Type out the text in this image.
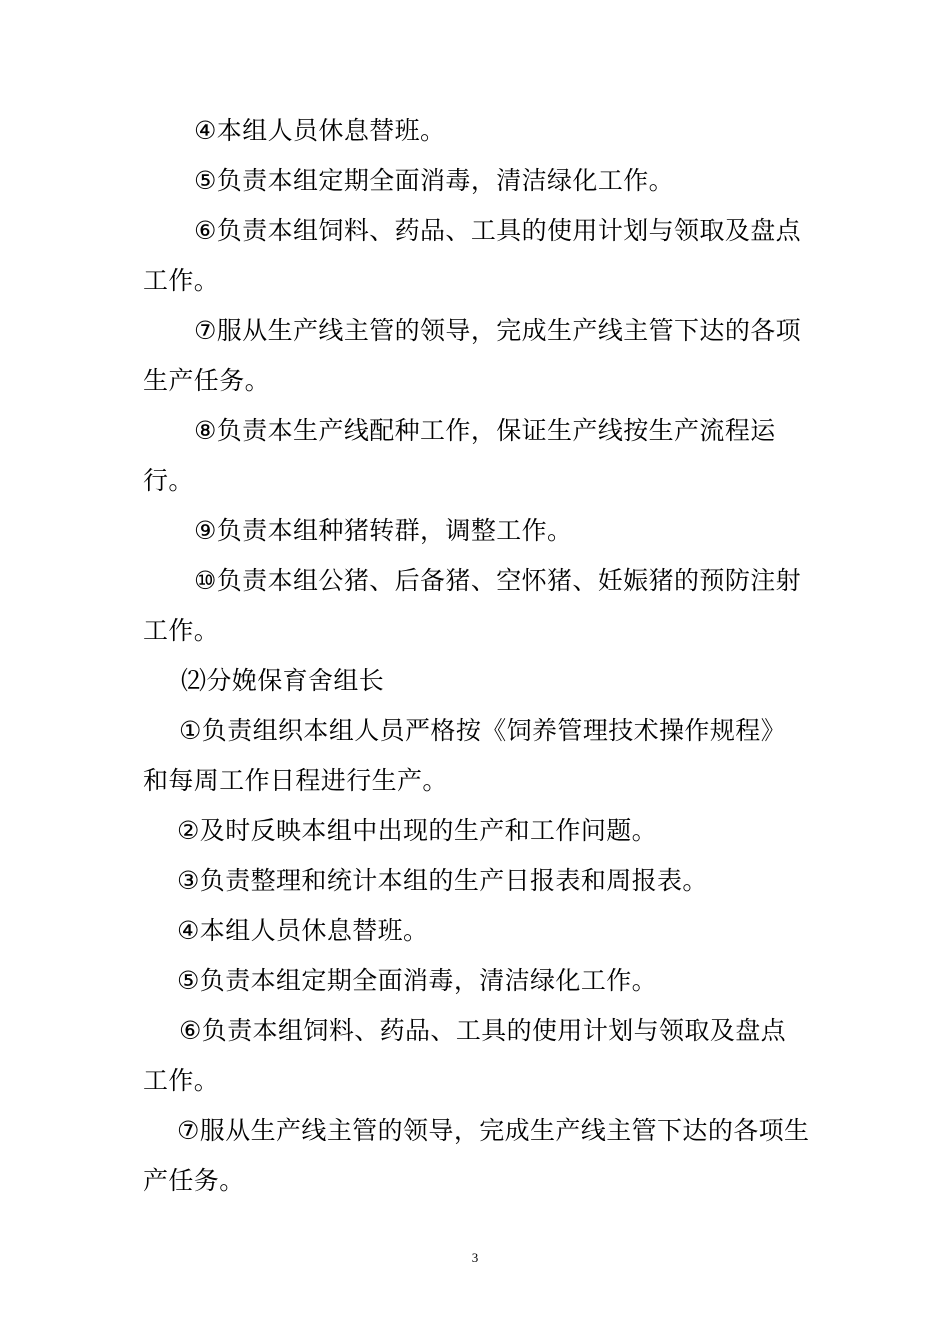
④本组人员休息替班。

⑤负责本组定期全面消毒，清洁绿化工作。

⑥负责本组饲料、药品、工具的使用计划与领取及盘点工作。

⑦服从生产线主管的领导，完成生产线主管下达的各项生产任务。

⑧负责本生产线配种工作，保证生产线按生产流程运行。

⑨负责本组种猪转群，调整工作。

⑩负责本组公猪、后备猪、空怀猪、妊娠猪的预防注射工作。

⑵分娩保育舍组长

①负责组织本组人员严格按《饲养管理技术操作规程》和每周工作日程进行生产。

②及时反映本组中出现的生产和工作问题。

③负责整理和统计本组的生产日报表和周报表。

④本组人员休息替班。

⑤负责本组定期全面消毒，清洁绿化工作。

⑥负责本组饲料、药品、工具的使用计划与领取及盘点工作。

⑦服从生产线主管的领导，完成生产线主管下达的各项生产任务。

3
